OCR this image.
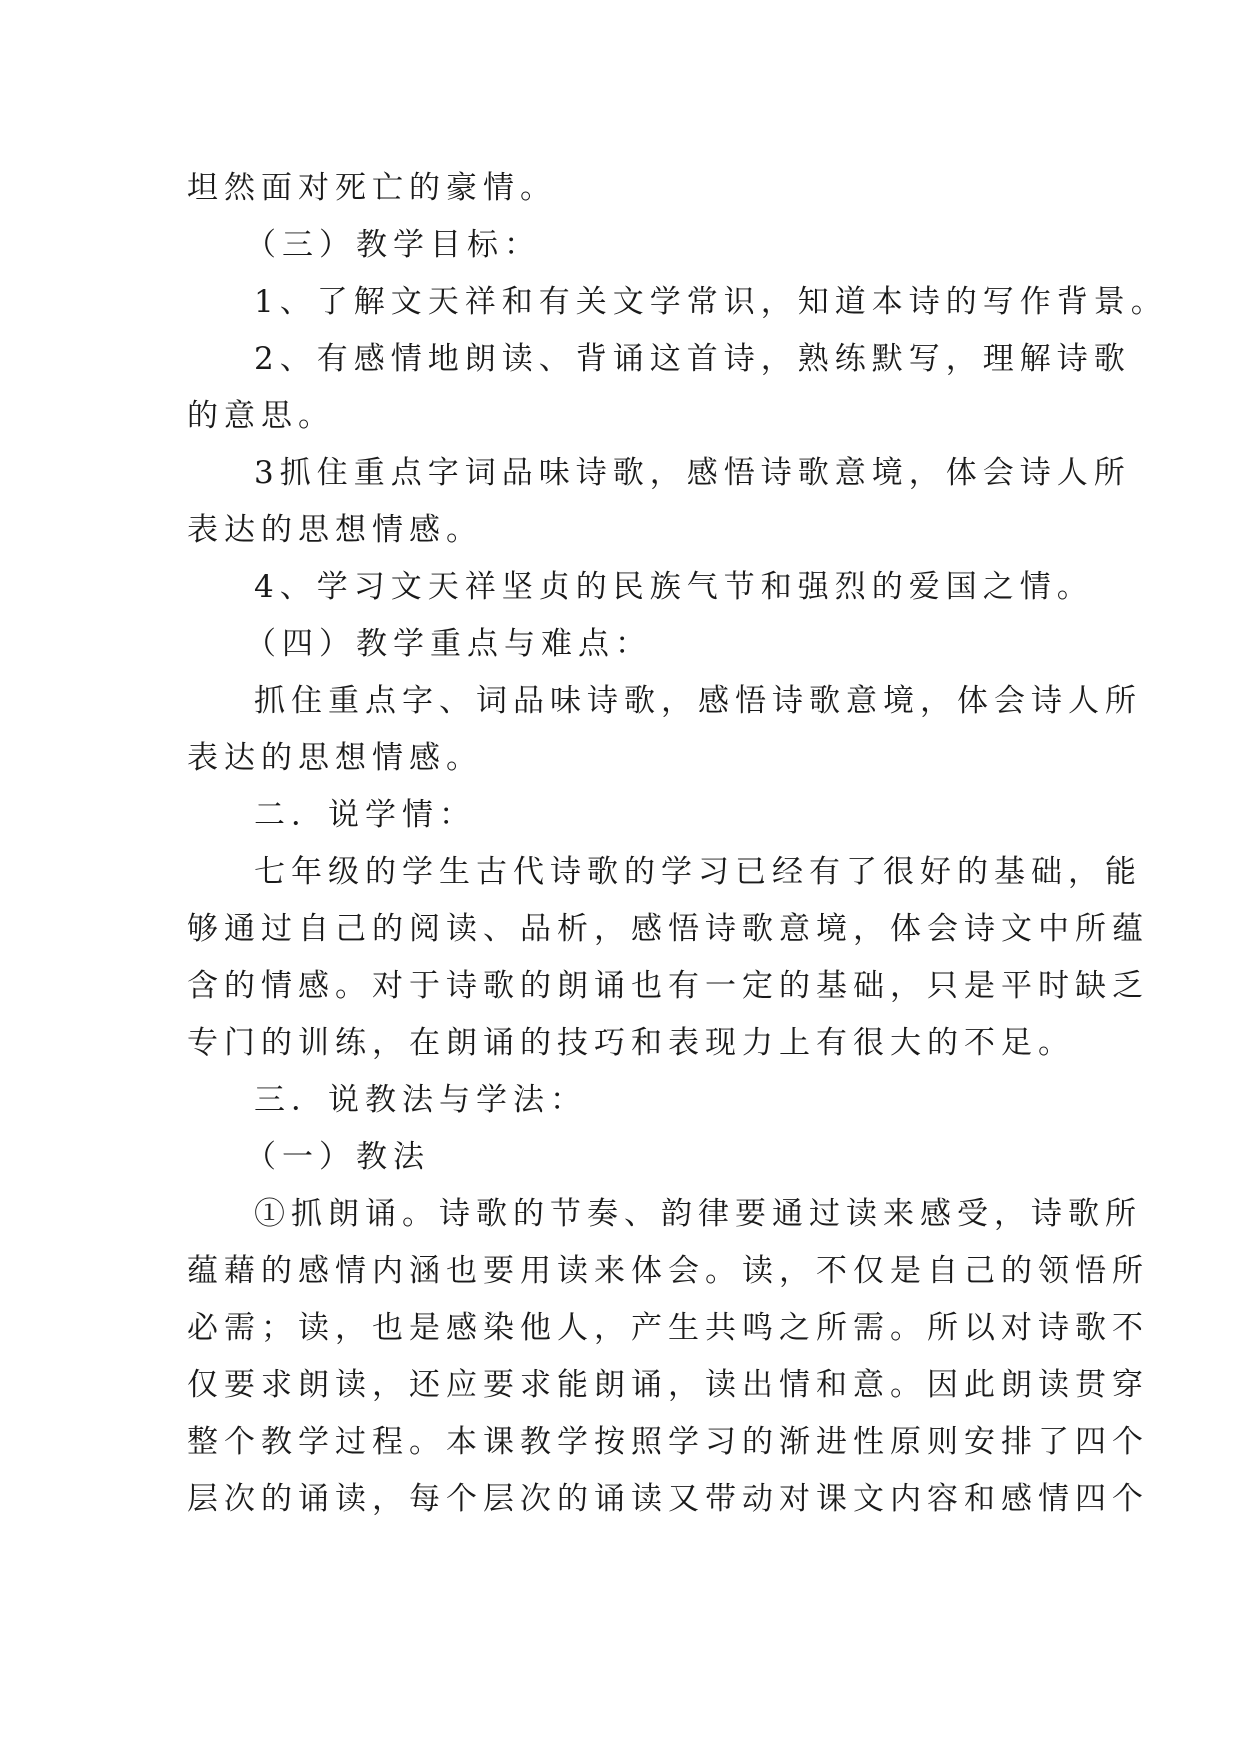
坦然面对死亡的豪情。
（三）教学目标：
1、了解文天祥和有关文学常识，知道本诗的写作背景。
2、有感情地朗读、背诵这首诗，熟练默写，理解诗歌
的意思。
3抓住重点字词品味诗歌，感悟诗歌意境，体会诗人所
表达的思想情感。
4、学习文天祥坚贞的民族气节和强烈的爱国之情。
（四）教学重点与难点：
抓住重点字、词品味诗歌，感悟诗歌意境，体会诗人所
表达的思想情感。
二．说学情：
七年级的学生古代诗歌的学习已经有了很好的基础，能
够通过自己的阅读、品析，感悟诗歌意境，体会诗文中所蕴
含的情感。对于诗歌的朗诵也有一定的基础，只是平时缺乏
专门的训练，在朗诵的技巧和表现力上有很大的不足。
三．说教法与学法：
（一）教法
①抓朗诵。诗歌的节奏、韵律要通过读来感受，诗歌所
蕴藉的感情内涵也要用读来体会。读，不仅是自己的领悟所
必需；读，也是感染他人，产生共鸣之所需。所以对诗歌不
仅要求朗读，还应要求能朗诵，读出情和意。因此朗读贯穿
整个教学过程。本课教学按照学习的渐进性原则安排了四个
层次的诵读，每个层次的诵读又带动对课文内容和感情四个
